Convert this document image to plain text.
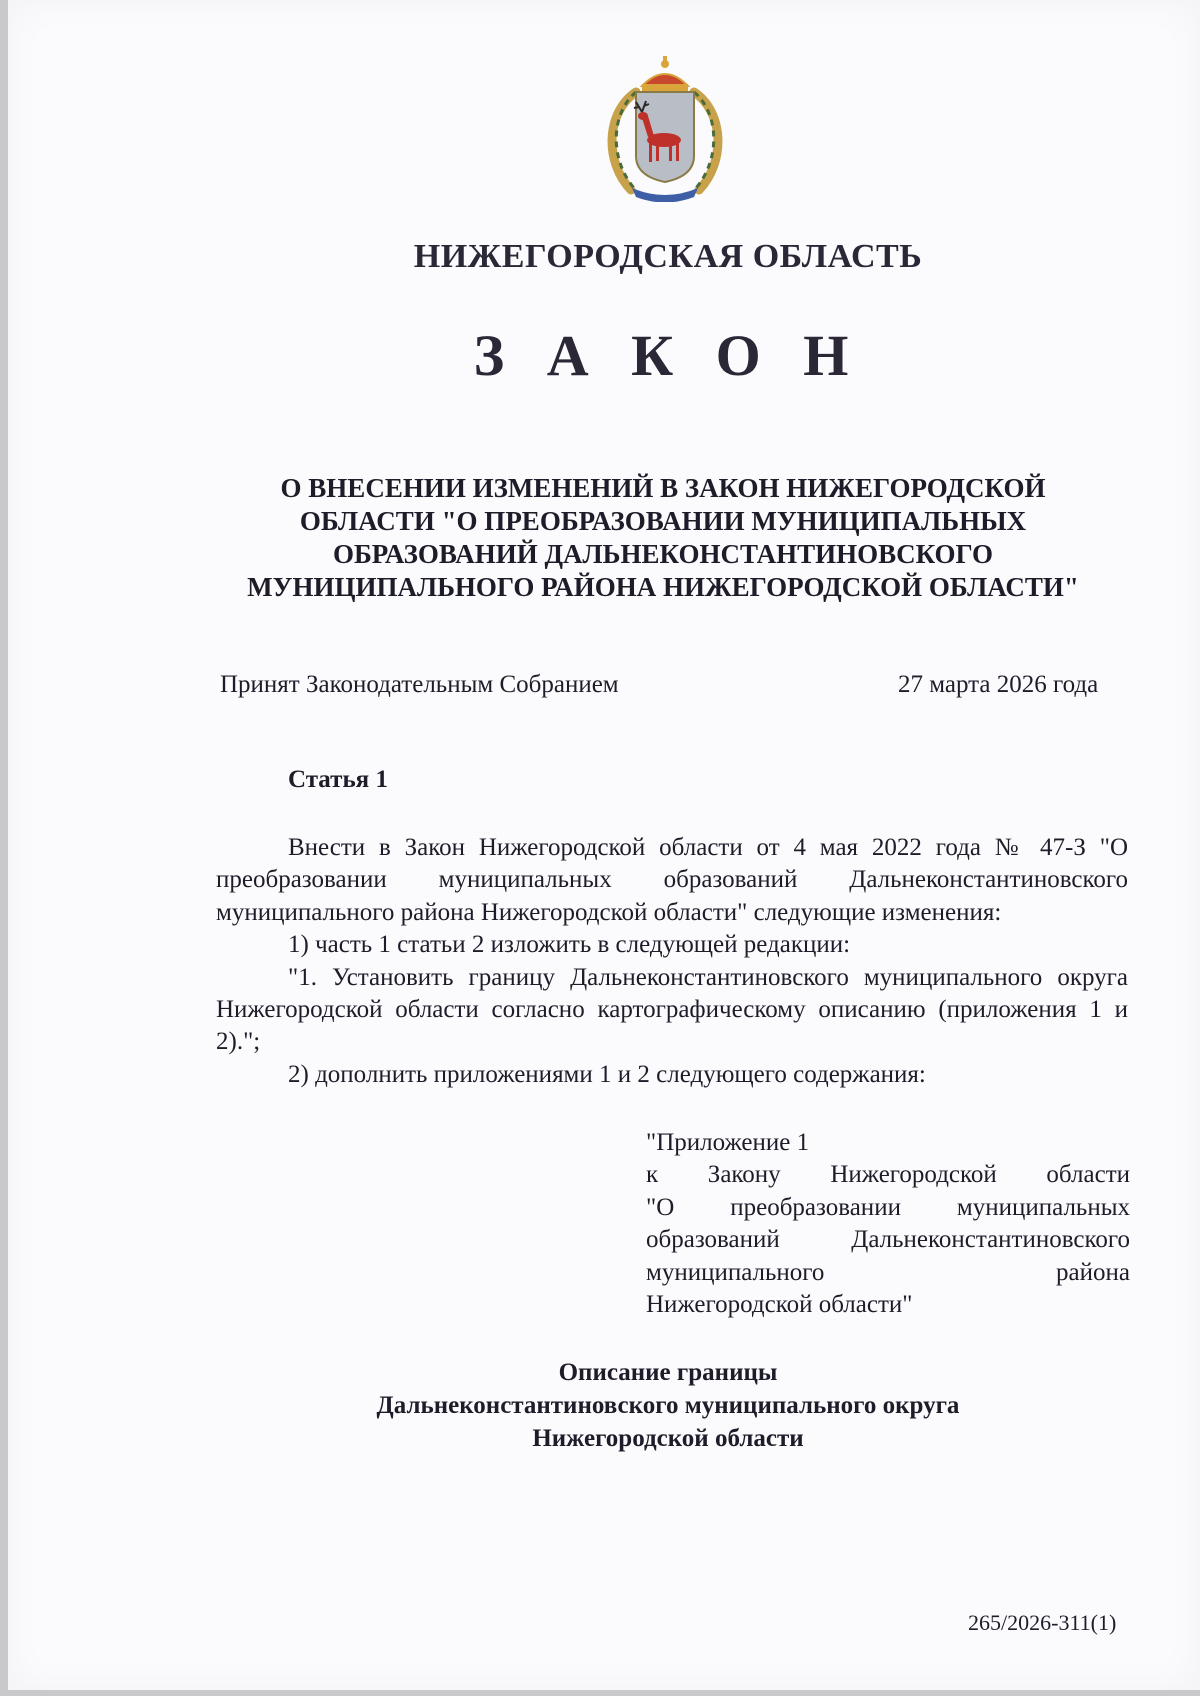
НИЖЕГОРОДСКАЯ ОБЛАСТЬ
З А К О Н
О ВНЕСЕНИИ ИЗМЕНЕНИЙ В ЗАКОН НИЖЕГОРОДСКОЙ
ОБЛАСТИ "О ПРЕОБРАЗОВАНИИ МУНИЦИПАЛЬНЫХ
ОБРАЗОВАНИЙ ДАЛЬНЕКОНСТАНТИНОВСКОГО
МУНИЦИПАЛЬНОГО РАЙОНА НИЖЕГОРОДСКОЙ ОБЛАСТИ"
Принят Законодательным Собранием	27 марта 2026 года
Статья 1

Внести в Закон Нижегородской области от 4 мая 2022 года № 47-З "О преобразовании муниципальных образований Дальнеконстантиновского муниципального района Нижегородской области" следующие изменения:

1) часть 1 статьи 2 изложить в следующей редакции:

"1. Установить границу Дальнеконстантиновского муниципального округа Нижегородской области согласно картографическому описанию (приложения 1 и 2).";

2) дополнить приложениями 1 и 2 следующего содержания:

"Приложение 1

к Закону Нижегородской области

"О преобразовании муниципальных

образований Дальнеконстантиновского

муниципального района

Нижегородской области"

Описание границы
Дальнеконстантиновского муниципального округа
Нижегородской области
265/2026-311(1)
